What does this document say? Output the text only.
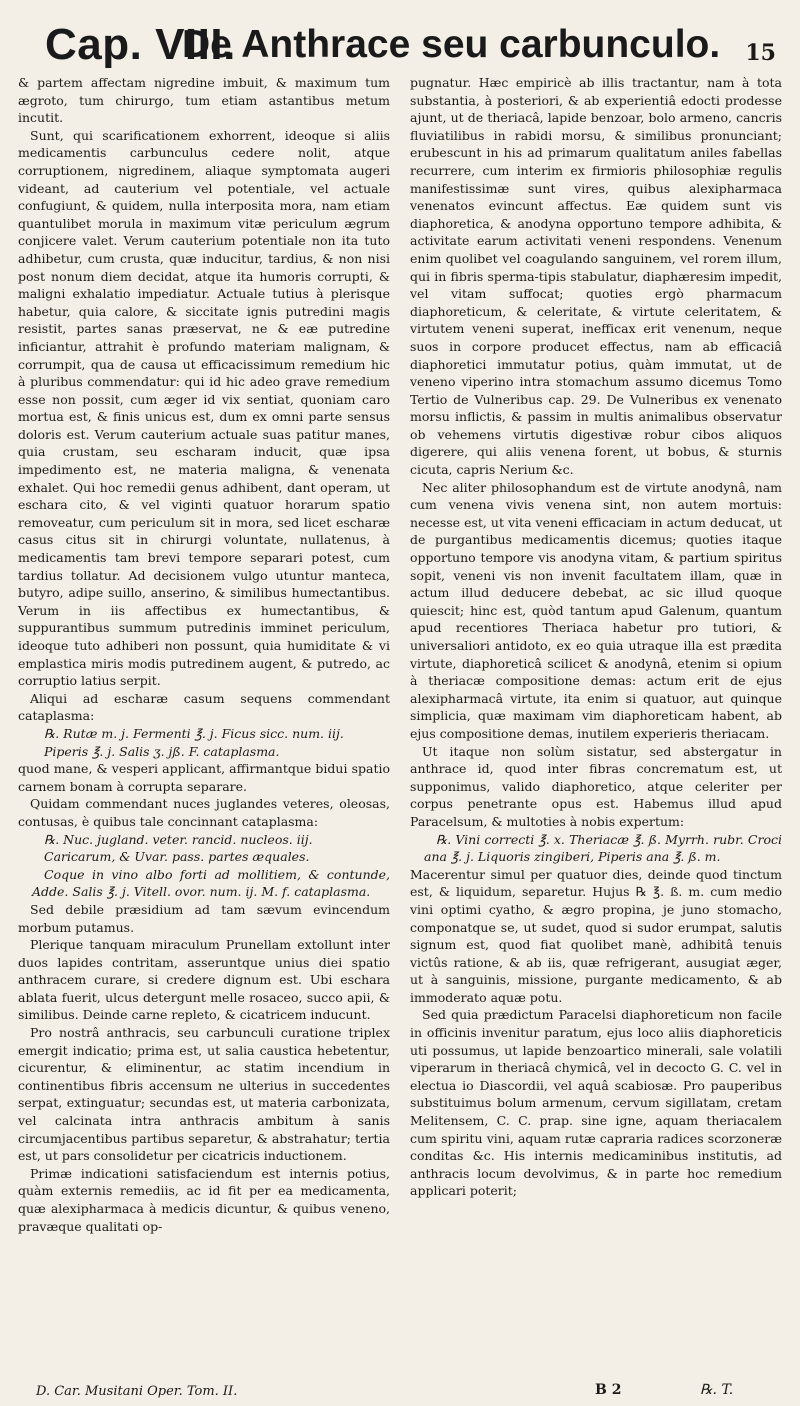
Cap. VIII.
De Anthrace seu carbunculo. 15

& partem affectam nigredine imbuit, & maximum tum ægroto, tum chirurgo, tum etiam astantibus metum incutit.

Sunt, qui scarificationem exhorrent, ideoque si aliis medicamentis carbunculus cedere nolit, atque corruptionem, nigredinem, aliaque symptomata augeri videant, ad cauterium vel potentiale, vel actuale confugiunt, & quidem, nulla interposita mora, nam etiam quantulibet morula in maximum vitæ periculum ægrum conjicere valet. Verum cauterium potentiale non ita tuto adhibetur, cum crusta, quæ inducitur, tardius, & non nisi post nonum diem decidat, atque ita humoris corrupti, & maligni exhalatio impediatur. Actuale tutius à plerisque habetur, quia calore, & siccitate ignis putredini magis resistit, partes sanas præservat, ne & eæ putredine inficiantur, attrahit è profundo materiam malignam, & corrumpit, qua de causa ut efficacissimum remedium hic à pluribus commendatur: qui id hic adeo grave remedium esse non possit, cum æger id vix sentiat, quoniam caro mortua est, & finis unicus est, dum ex omni parte sensus doloris est. Verum cauterium actuale suas patitur manes, quia crustam, seu escharam inducit, quæ ipsa impedimento est, ne materia maligna, & venenata exhalet. Qui hoc remedii genus adhibent, dant operam, ut eschara cito, & vel viginti quatuor horarum spatio removeatur, cum periculum sit in mora, sed licet escharæ casus citus sit in chirurgi voluntate, nullatenus, à medicamentis tam brevi tempore separari potest, cum tardius tollatur. Ad decisionem vulgo utuntur manteca, butyro, adipe suillo, anserino, & similibus humectantibus. Verum in iis affectibus ex humectantibus, & suppurantibus summum putredinis imminet periculum, ideoque tuto adhiberi non possunt, quia humiditate & vi emplastica miris modis putredinem augent, & putredo, ac corruptio latius serpit.

Aliqui ad escharæ casum sequens commendant cataplasma:

℞. Rutæ m. j. Fermenti ℥. j. Ficus sicc. num. iij.

Piperis ℥. j. Salis ʒ. jß. F. cataplasma.

quod mane, & vesperi applicant, affirmantque bidui spatio carnem bonam à corrupta separare.

Quidam commendant nuces juglandes veteres, oleosas, contusas, è quibus tale concinnant cataplasma:

℞. Nuc. jugland. veter. rancid. nucleos. iij.

Caricarum, & Uvar. pass. partes æquales.

Coque in vino albo forti ad mollitiem, & contunde, Adde. Salis ℥. j. Vitell. ovor. num. ij. M. f. cataplasma.

Sed debile præsidium ad tam sævum evincendum morbum putamus.

Plerique tanquam miraculum Prunellam extollunt inter duos lapides contritam, asseruntque unius diei spatio anthracem curare, si credere dignum est. Ubi eschara ablata fuerit, ulcus detergunt melle rosaceo, succo apii, & similibus. Deinde carne repleto, & cicatricem inducunt.

Pro nostrâ anthracis, seu carbunculi curatione triplex emergit indicatio; prima est, ut salia caustica hebetentur, cicurentur, & eliminentur, ac statim incendium in continentibus fibris accensum ne ulterius in succedentes serpat, extinguatur; secundas est, ut materia carbonizata, vel calcinata intra anthracis ambitum à sanis circumjacentibus partibus separetur, & abstrahatur; tertia est, ut pars consolidetur per cicatricis inductionem.

Primæ indicationi satisfaciendum est internis potius, quàm externis remediis, ac id fit per ea medicamenta, quæ alexipharmaca à medicis dicuntur, & quibus veneno, pravæque qualitati op-

pugnatur. Hæc empiricè ab illis tractantur, nam à tota substantia, à posteriori, & ab experientiâ edocti prodesse ajunt, ut de theriacâ, lapide benzoar, bolo armeno, cancris fluviatilibus in rabidi morsu, & similibus pronunciant; erubescunt in his ad primarum qualitatum aniles fabellas recurrere, cum interim ex firmioris philosophiæ regulis manifestissimæ sunt vires, quibus alexipharmaca venenatos evincunt affectus. Eæ quidem sunt vis diaphoretica, & anodyna opportuno tempore adhibita, & activitate earum activitati veneni respondens. Venenum enim quolibet vel coagulando sanguinem, vel rorem illum, qui in fibris sperma-tipis stabulatur, diaphæresim impedit, vel vitam suffocat; quoties ergò pharmacum diaphoreticum, & celeritate, & virtute celeritatem, & virtutem veneni superat, inefficax erit venenum, neque suos in corpore producet effectus, nam ab efficaciâ diaphoretici immutatur potius, quàm immutat, ut de veneno viperino intra stomachum assumo dicemus Tomo Tertio de Vulneribus cap. 29. De Vulneribus ex venenato morsu inflictis, & passim in multis animalibus observatur ob vehemens virtutis digestivæ robur cibos aliquos digerere, qui aliis venena forent, ut bobus, & sturnis cicuta, capris Nerium &c.

Nec aliter philosophandum est de virtute anodynâ, nam cum venena vivis venena sint, non autem mortuis: necesse est, ut vita veneni efficaciam in actum deducat, ut de purgantibus medicamentis dicemus; quoties itaque opportuno tempore vis anodyna vitam, & partium spiritus sopit, veneni vis non invenit facultatem illam, quæ in actum illud deducere debebat, ac sic illud quoque quiescit; hinc est, quòd tantum apud Galenum, quantum apud recentiores Theriaca habetur pro tutiori, & universaliori antidoto, ex eo quia utraque illa est prædita virtute, diaphoreticâ scilicet & anodynâ, etenim si opium à theriacæ compositione demas: actum erit de ejus alexipharmacâ virtute, ita enim si quatuor, aut quinque simplicia, quæ maximam vim diaphoreticam habent, ab ejus compositione demas, inutilem experieris theriacam.

Ut itaque non solùm sistatur, sed abstergatur in anthrace id, quod inter fibras concrematum est, ut supponimus, valido diaphoretico, atque celeriter per corpus penetrante opus est. Habemus illud apud Paracelsum, & multoties à nobis expertum:

℞. Vini correcti ℥. x. Theriacæ ℥. ß. Myrrh. rubr. Croci ana ℥. j. Liquoris zingiberi, Piperis ana ℥. ß. m.

Macerentur simul per quatuor dies, deinde quod tinctum est, & liquidum, separetur. Hujus ℞ ℥. ß. m. cum medio vini optimi cyatho, & ægro propina, je juno stomacho, componatque se, ut sudet, quod si sudor erumpat, salutis signum est, quod fiat quolibet manè, adhibitâ tenuis victûs ratione, & ab iis, quæ refrigerant, ausugiat æger, ut à sanguinis, missione, purgante medicamento, & ab immoderato aquæ potu.

Sed quia prædictum Paracelsi diaphoreticum non facile in officinis invenitur paratum, ejus loco aliis diaphoreticis uti possumus, ut lapide benzoartico minerali, sale volatili viperarum in theriacâ chymicâ, vel in decocto G. C. vel in electua io Diascordii, vel aquâ scabiosæ. Pro pauperibus substituimus bolum armenum, cervum sigillatam, cretam Melitensem, C. C. prap. sine igne, aquam theriacalem cum spiritu vini, aquam rutæ capraria radices scorzoneræ conditas &c. His internis medicaminibus institutis, ad anthracis locum devolvimus, & in parte hoc remedium applicari poterit;

D. Car. Musitani Oper. Tom. II.	B 2	℞. T.
